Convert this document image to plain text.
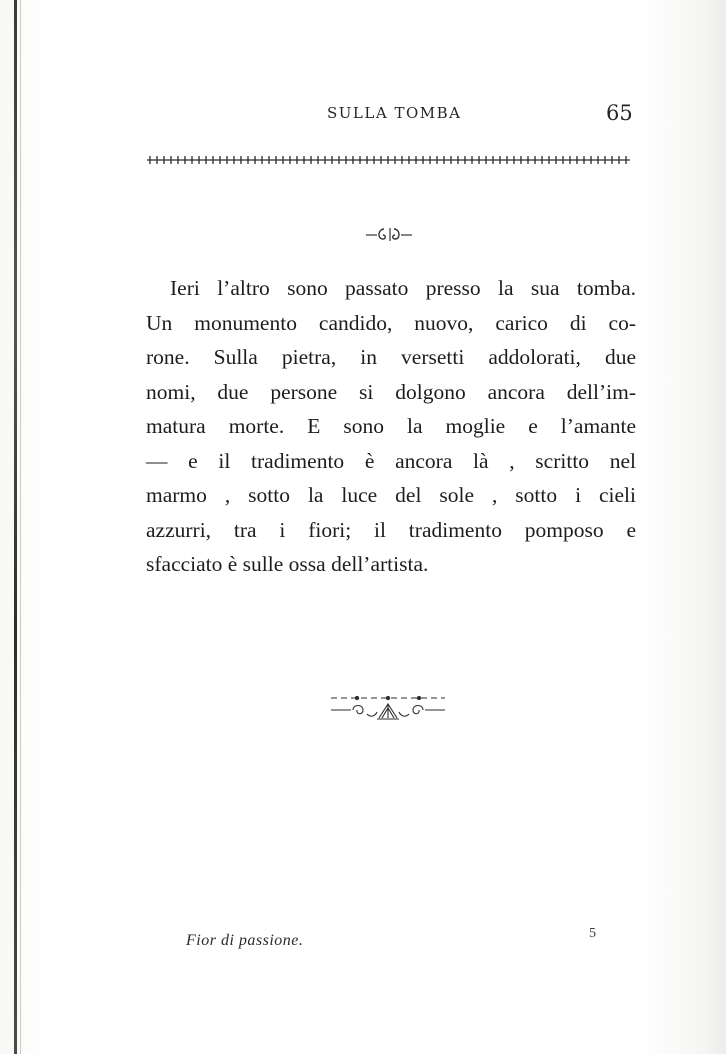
SULLA TOMBA	65
Ieri l’altro sono passato presso la sua tomba.
Un monumento candido, nuovo, carico di co-
rone. Sulla pietra, in versetti addolorati, due
nomi, due persone si dolgono ancora dell’im-
matura morte. E sono la moglie e l’amante
— e il tradimento è ancora là , scritto nel
marmo , sotto la luce del sole , sotto i cieli
azzurri, tra i fiori; il tradimento pomposo e
sfacciato è sulle ossa dell’artista.
Fior di passione.	5
